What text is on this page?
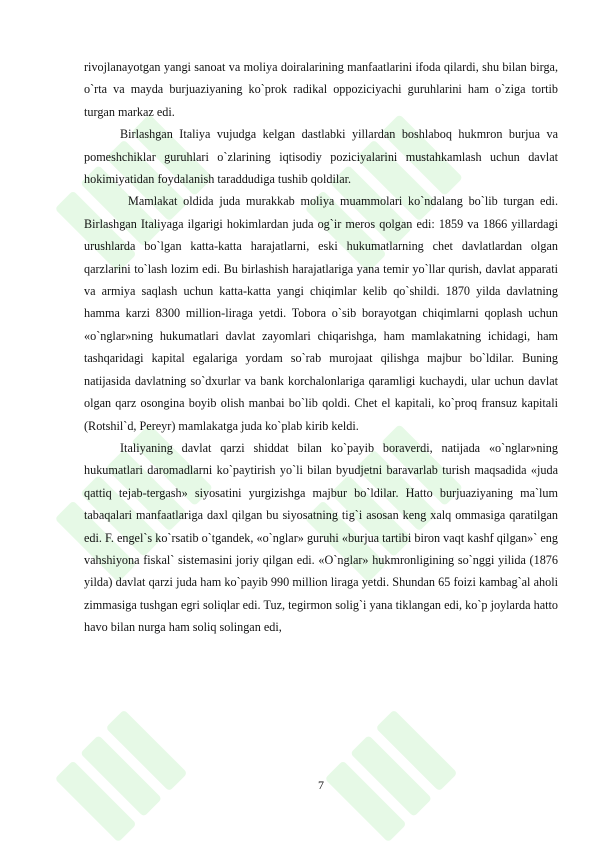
rivojlanayotgan yangi sanoat va moliya doiralarining manfaatlarini ifoda qilardi, shu bilan birga, o`rta va mayda burjuaziyaning ko`prok radikal oppoziciyachi guruhlarini ham o`ziga tortib turgan markaz edi.

Birlashgan Italiya vujudga kelgan dastlabki yillardan boshlaboq hukmron burjua va pomeshchiklar guruhlari o`zlarining iqtisodiy poziciyalarini mustahkamlash uchun davlat hokimiyatidan foydalanish taraddudiga tushib qoldilar.

Mamlakat oldida juda murakkab moliya muammolari ko`ndalang bo`lib turgan edi. Birlashgan Italiyaga ilgarigi hokimlardan juda og`ir meros qolgan edi: 1859 va 1866 yillardagi urushlarda bo`lgan katta-katta harajatlarni, eski hukumatlarning chet davlatlardan olgan qarzlarini to`lash lozim edi. Bu birlashish harajatlariga yana temir yo`llar qurish, davlat apparati va armiya saqlash uchun katta-katta yangi chiqimlar kelib qo`shildi. 1870 yilda davlatning hamma karzi 8300 million-liraga yetdi. Tobora o`sib borayotgan chiqimlarni qoplash uchun «o`nglar»ning hukumatlari davlat zayomlari chiqarishga, ham mamlakatning ichidagi, ham tashqaridagi kapital egalariga yordam so`rab murojaat qilishga majbur bo`ldilar. Buning natijasida davlatning so`dxurlar va bank korchalonlariga qaramligi kuchaydi, ular uchun davlat olgan qarz osongina boyib olish manbai bo`lib qoldi. Chet el kapitali, ko`proq fransuz kapitali (Rotshil`d, Pereyr) mamlakatga juda ko`plab kirib keldi.

Italiyaning davlat qarzi shiddat bilan ko`payib boraverdi, natijada «o`nglar»ning hukumatlari daromadlarni ko`paytirish yo`li bilan byudjetni baravarlab turish maqsadida «juda qattiq tejab-tergash» siyosatini yurgizishga majbur bo`ldilar. Hatto burjuaziyaning ma`lum tabaqalari manfaatlariga daxl qilgan bu siyosatning tig`i asosan keng xalq ommasiga qaratilgan edi. F. engel`s ko`rsatib o`tgandek, «o`nglar» guruhi «burjua tartibi biron vaqt kashf qilgan»` eng vahshiyona fiskal` sistemasini joriy qilgan edi. «O`nglar» hukmronligining so`nggi yilida (1876 yilda) davlat qarzi juda ham ko`payib 990 million liraga yetdi. Shundan 65 foizi kambag`al aholi zimmasiga tushgan egri soliqlar edi. Tuz, tegirmon solig`i yana tiklangan edi, ko`p joylarda hatto havo bilan nurga ham soliq solingan edi,

7
